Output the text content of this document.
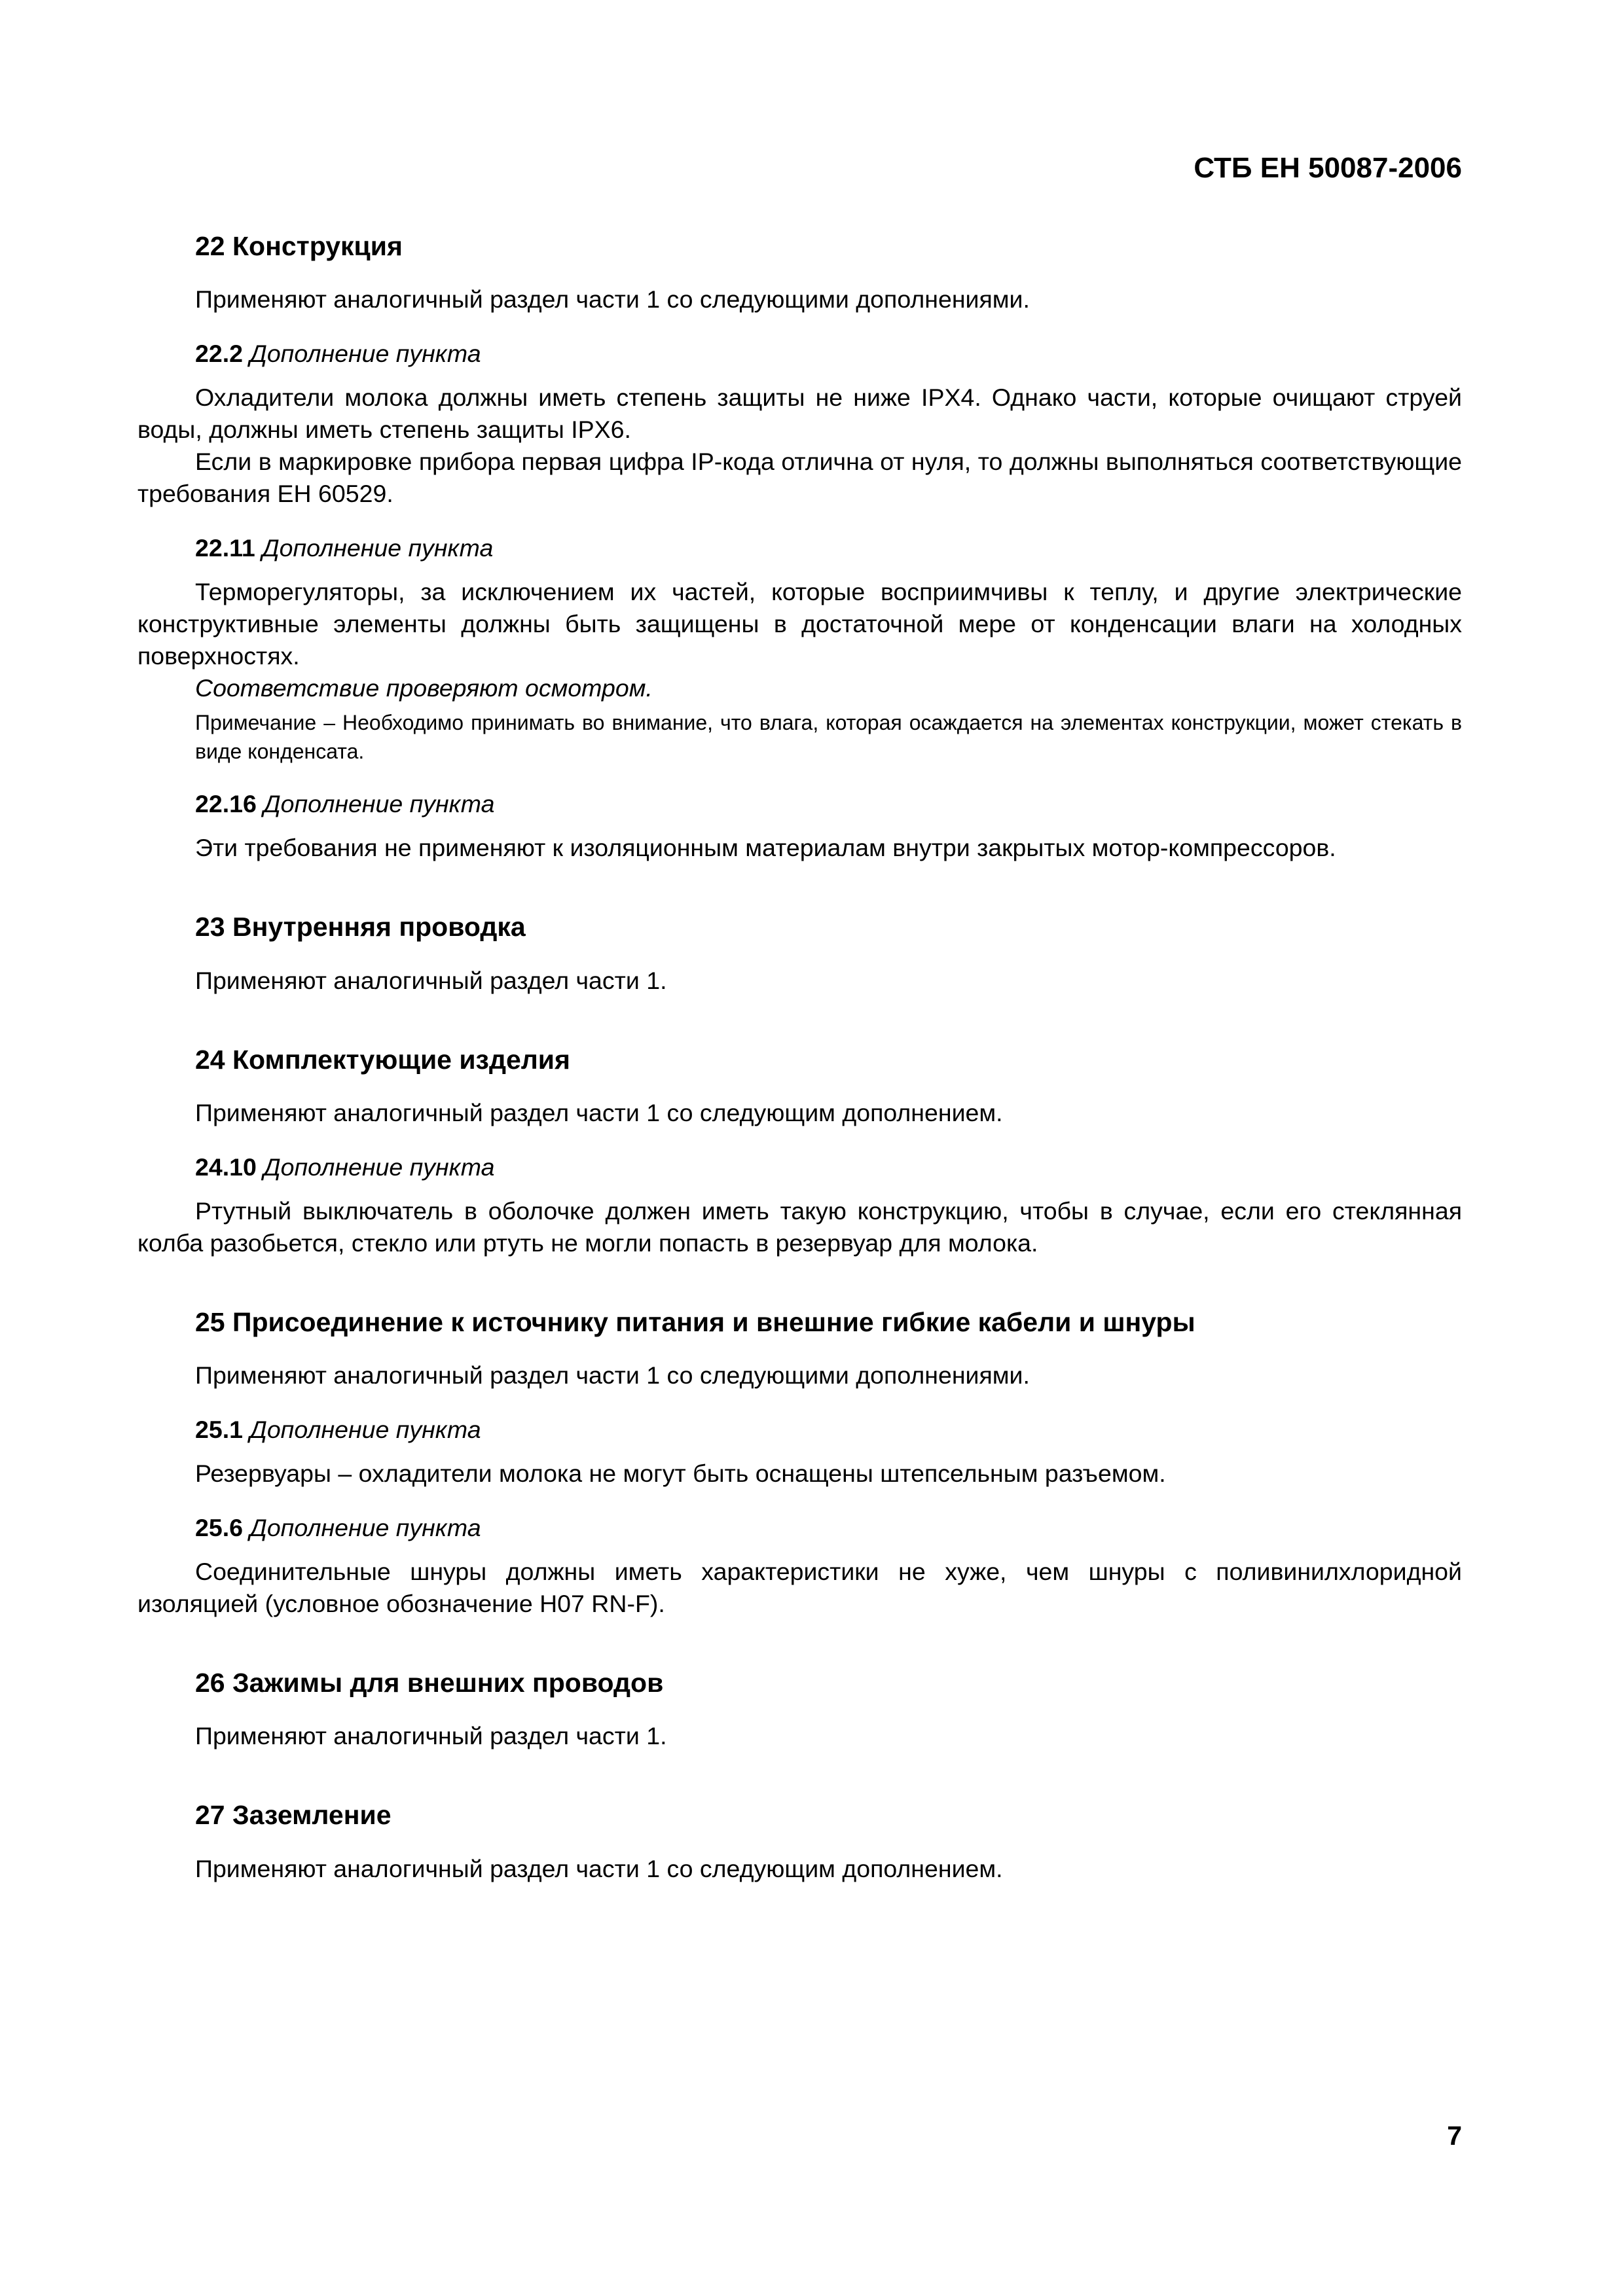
СТБ ЕН 50087-2006

22 Конструкция

Применяют аналогичный раздел части 1 со следующими дополнениями.

22.2 Дополнение пункта

Охладители молока должны иметь степень защиты не ниже IPX4. Однако части, которые очищают струей воды, должны иметь степень защиты IPX6.

Если в маркировке прибора первая цифра IP-кода отлична от нуля, то должны выполняться соответствующие требования ЕН 60529.

22.11 Дополнение пункта

Терморегуляторы, за исключением их частей, которые восприимчивы к теплу, и другие электрические конструктивные элементы должны быть защищены в достаточной мере от конденсации влаги на холодных поверхностях.

Соответствие проверяют осмотром.

Примечание – Необходимо принимать во внимание, что влага, которая осаждается на элементах конструкции, может стекать в виде конденсата.

22.16 Дополнение пункта

Эти требования не применяют к изоляционным материалам внутри закрытых мотор-компрессоров.

23 Внутренняя проводка

Применяют аналогичный раздел части 1.

24 Комплектующие изделия

Применяют аналогичный раздел части 1 со следующим дополнением.

24.10 Дополнение пункта

Ртутный выключатель в оболочке должен иметь такую конструкцию, чтобы в случае, если его стеклянная колба разобьется, стекло или ртуть не могли попасть в резервуар для молока.

25 Присоединение к источнику питания и внешние гибкие кабели и шнуры

Применяют аналогичный раздел части 1 со следующими дополнениями.

25.1 Дополнение пункта

Резервуары – охладители молока не могут быть оснащены штепсельным разъемом.

25.6 Дополнение пункта

Соединительные шнуры должны иметь характеристики не хуже, чем шнуры с поливинилхлоридной изоляцией (условное обозначение H07 RN-F).

26 Зажимы для внешних проводов

Применяют аналогичный раздел части 1.

27 Заземление

Применяют аналогичный раздел части 1 со следующим дополнением.

7
